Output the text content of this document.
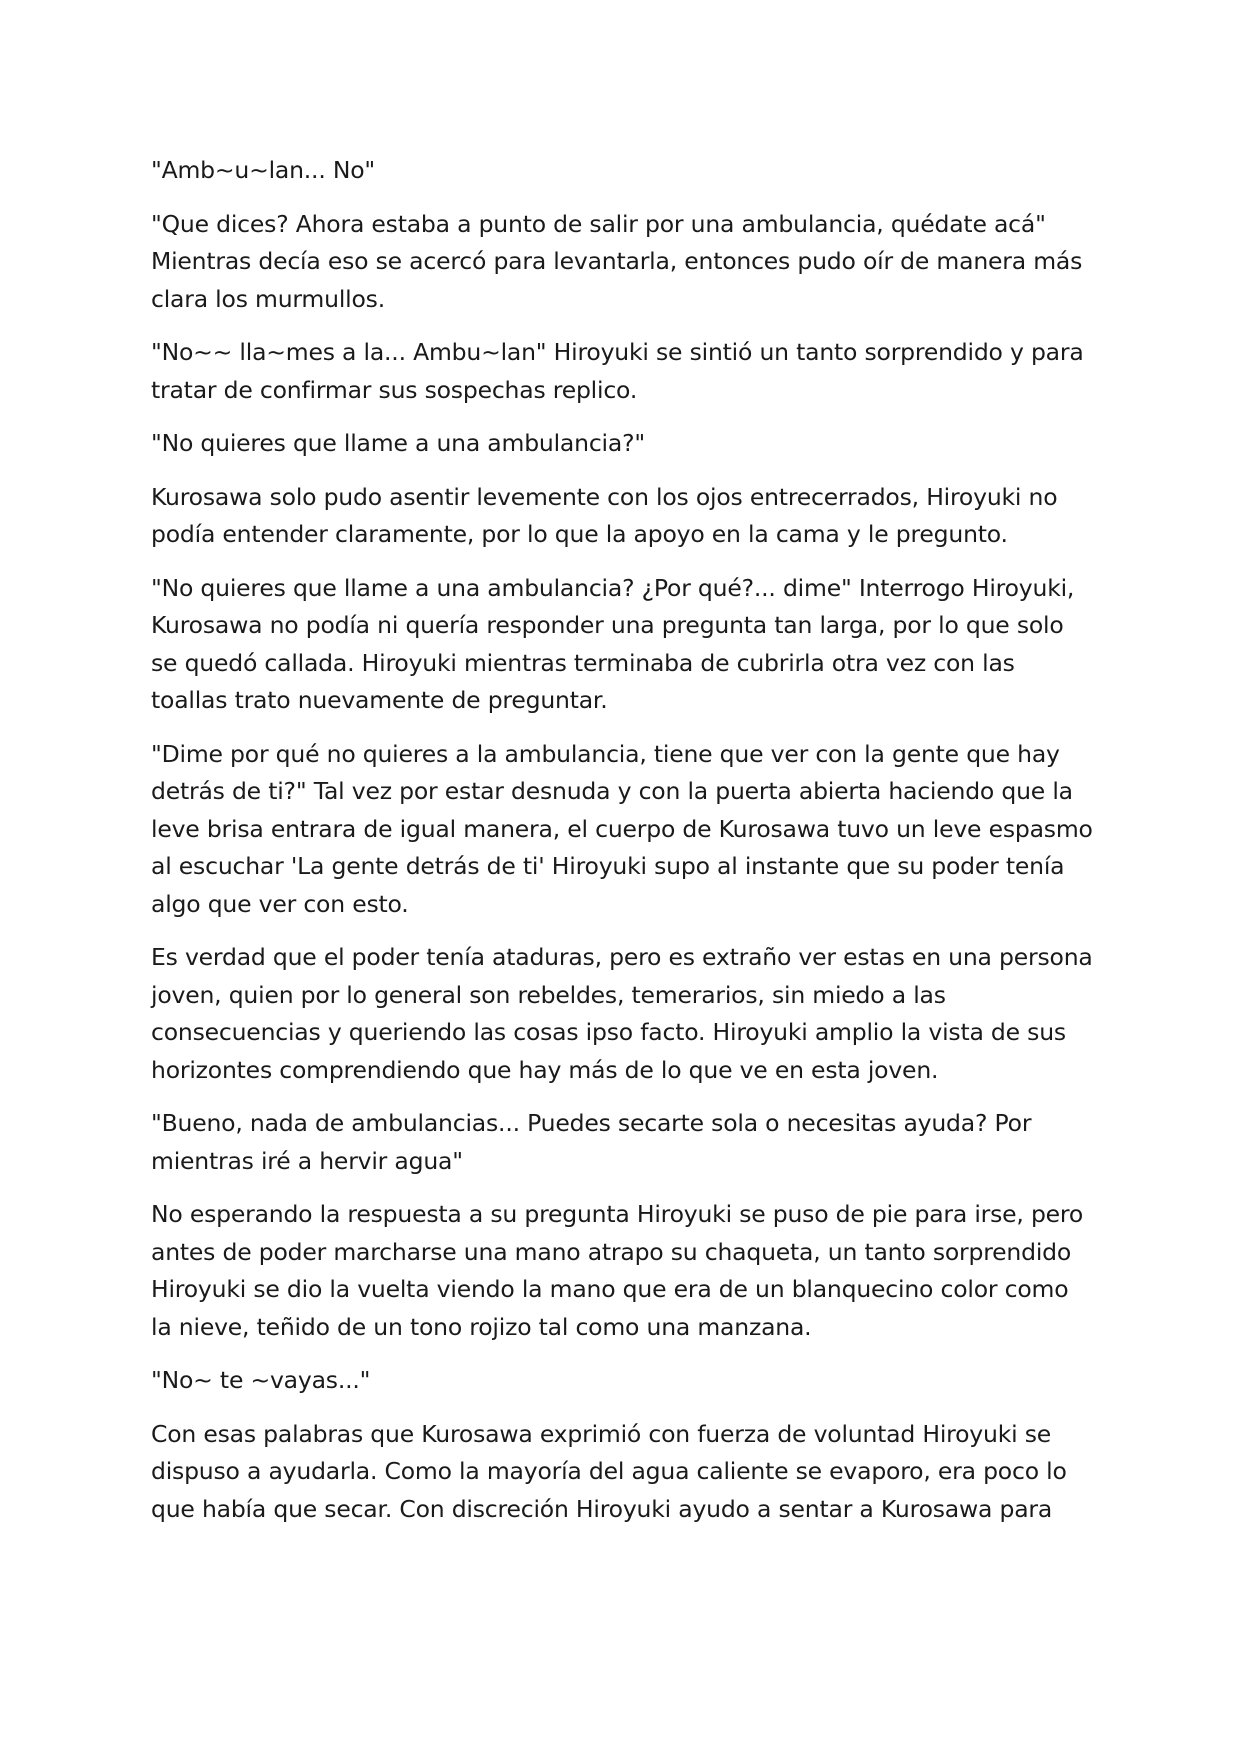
"Amb~u~lan... No"

"Que dices? Ahora estaba a punto de salir por una ambulancia, quédate acá"
Mientras decía eso se acercó para levantarla, entonces pudo oír de manera más
clara los murmullos.

"No~~ lla~mes a la... Ambu~lan" Hiroyuki se sintió un tanto sorprendido y para
tratar de confirmar sus sospechas replico.

"No quieres que llame a una ambulancia?"

Kurosawa solo pudo asentir levemente con los ojos entrecerrados, Hiroyuki no
podía entender claramente, por lo que la apoyo en la cama y le pregunto.

"No quieres que llame a una ambulancia? ¿Por qué?... dime" Interrogo Hiroyuki,
Kurosawa no podía ni quería responder una pregunta tan larga, por lo que solo
se quedó callada. Hiroyuki mientras terminaba de cubrirla otra vez con las
toallas trato nuevamente de preguntar.

"Dime por qué no quieres a la ambulancia, tiene que ver con la gente que hay
detrás de ti?" Tal vez por estar desnuda y con la puerta abierta haciendo que la
leve brisa entrara de igual manera, el cuerpo de Kurosawa tuvo un leve espasmo
al escuchar 'La gente detrás de ti' Hiroyuki supo al instante que su poder tenía
algo que ver con esto.

Es verdad que el poder tenía ataduras, pero es extraño ver estas en una persona
joven, quien por lo general son rebeldes, temerarios, sin miedo a las
consecuencias y queriendo las cosas ipso facto. Hiroyuki amplio la vista de sus
horizontes comprendiendo que hay más de lo que ve en esta joven.

"Bueno, nada de ambulancias... Puedes secarte sola o necesitas ayuda? Por
mientras iré a hervir agua"

No esperando la respuesta a su pregunta Hiroyuki se puso de pie para irse, pero
antes de poder marcharse una mano atrapo su chaqueta, un tanto sorprendido
Hiroyuki se dio la vuelta viendo la mano que era de un blanquecino color como
la nieve, teñido de un tono rojizo tal como una manzana.

"No~ te ~vayas..."

Con esas palabras que Kurosawa exprimió con fuerza de voluntad Hiroyuki se
dispuso a ayudarla. Como la mayoría del agua caliente se evaporo, era poco lo
que había que secar. Con discreción Hiroyuki ayudo a sentar a Kurosawa para
